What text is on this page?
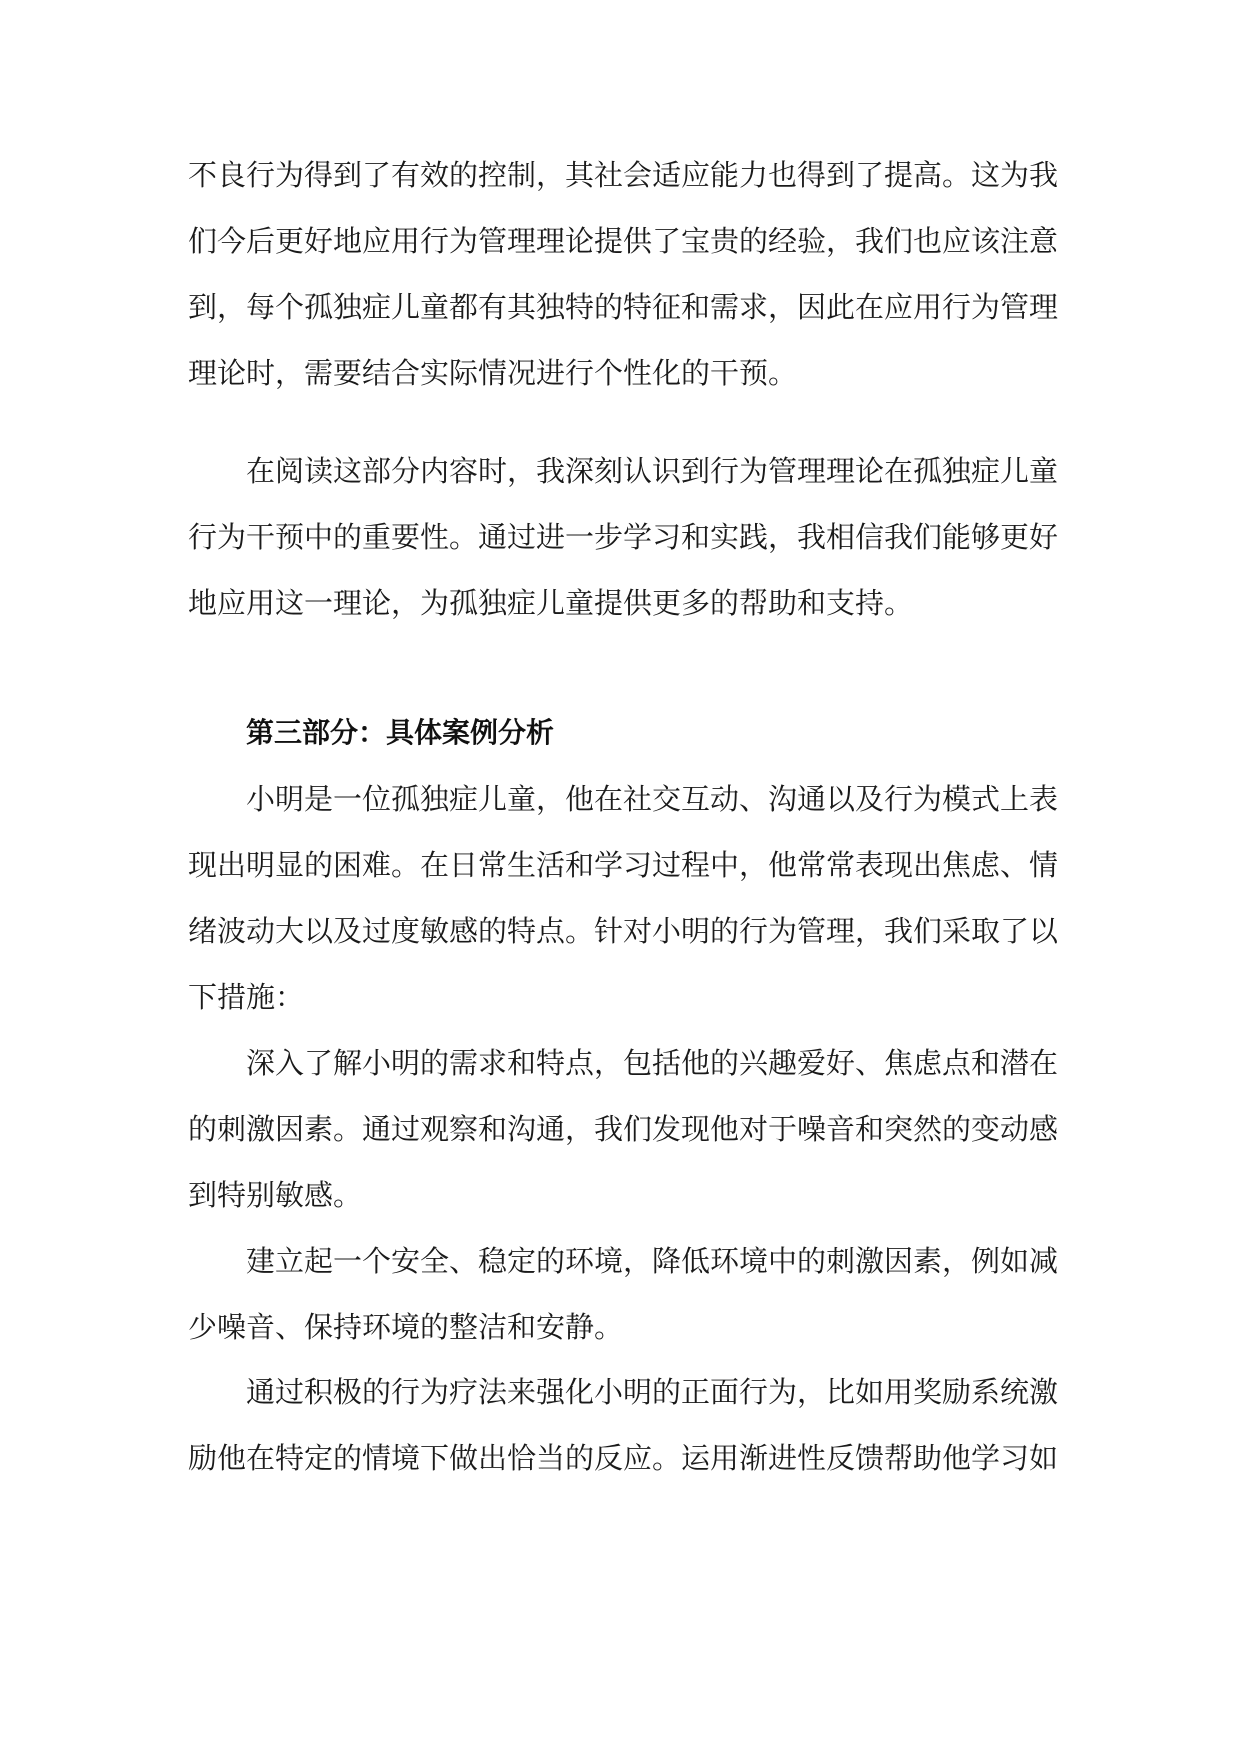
不良行为得到了有效的控制，其社会适应能力也得到了提高。这为我们今后更好地应用行为管理理论提供了宝贵的经验，我们也应该注意到，每个孤独症儿童都有其独特的特征和需求，因此在应用行为管理理论时，需要结合实际情况进行个性化的干预。

在阅读这部分内容时，我深刻认识到行为管理理论在孤独症儿童行为干预中的重要性。通过进一步学习和实践，我相信我们能够更好地应用这一理论，为孤独症儿童提供更多的帮助和支持。

第三部分：具体案例分析

小明是一位孤独症儿童，他在社交互动、沟通以及行为模式上表现出明显的困难。在日常生活和学习过程中，他常常表现出焦虑、情绪波动大以及过度敏感的特点。针对小明的行为管理，我们采取了以下措施：

深入了解小明的需求和特点，包括他的兴趣爱好、焦虑点和潜在的刺激因素。通过观察和沟通，我们发现他对于噪音和突然的变动感到特别敏感。

建立起一个安全、稳定的环境，降低环境中的刺激因素，例如减少噪音、保持环境的整洁和安静。

通过积极的行为疗法来强化小明的正面行为，比如用奖励系统激励他在特定的情境下做出恰当的反应。运用渐进性反馈帮助他学习如
